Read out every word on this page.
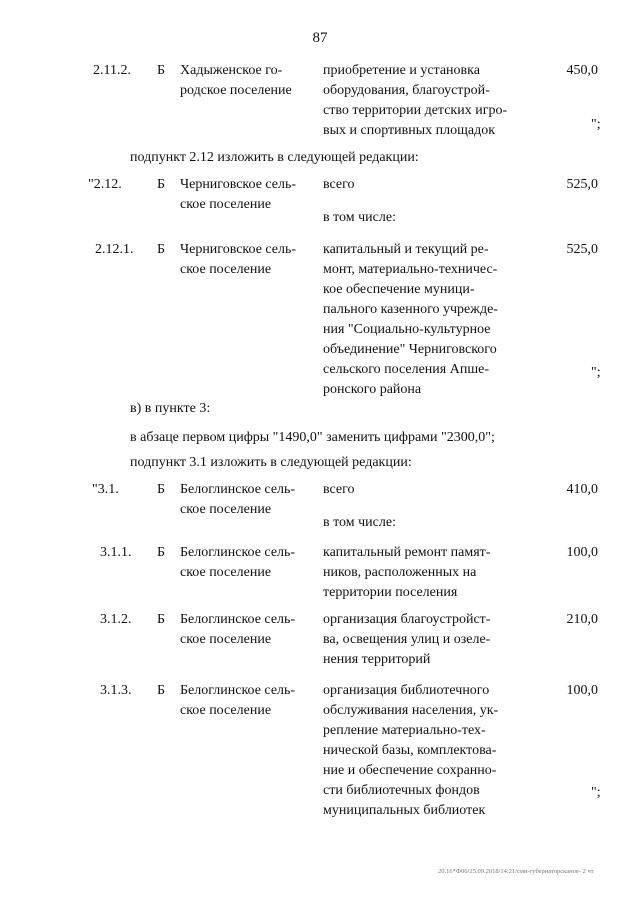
87
2.11.2. Б Хадыженское го-
родское поселение
приобретение и установка
оборудования, благоустрой-
ство территории детских игро-
вых и спортивных площадок
450,0
";
подпункт 2.12 изложить в следующей редакции:
"2.12.	Б Черниговское сель-
ское поселение
всего
в том числе:
525,0
2.12.1. Б Черниговское сель-
ское поселение
капитальный и текущий ре-
монт, материально-техничес-
кое обеспечение муници-
пального казенного учрежде-
ния "Социально-культурное
объединение" Черниговского
сельского поселения Апше-
ронского района
525,0
";
в) в пункте 3:
в абзаце первом цифры "1490,0" заменить цифрами "2300,0";
подпункт 3.1 изложить в следующей редакции:
"3.1.	Б Белоглинское сель-
ское поселение
всего
в том числе:
410,0
3.1.1. Б Белоглинское сель-
ское поселение
капитальный ремонт памят-
ников, расположенных на
территории поселения
100,0
3.1.2. Б Белоглинское сель-
ское поселение
организация благоустройст-
ва, освещения улиц и озеле-
нения территорий
210,0
3.1.3. Б Белоглинское сель-
ское поселение
организация библиотечного
обслуживания населения, ук-
репление материально-тех-
нической базы, комплектова-
ние и обеспечение сохранно-
сти библиотечных фондов
муниципальных библиотек
100,0
";
20.16*Ф06/25.09.2018/14:21/сми-губернаторсканое- 2 чт
